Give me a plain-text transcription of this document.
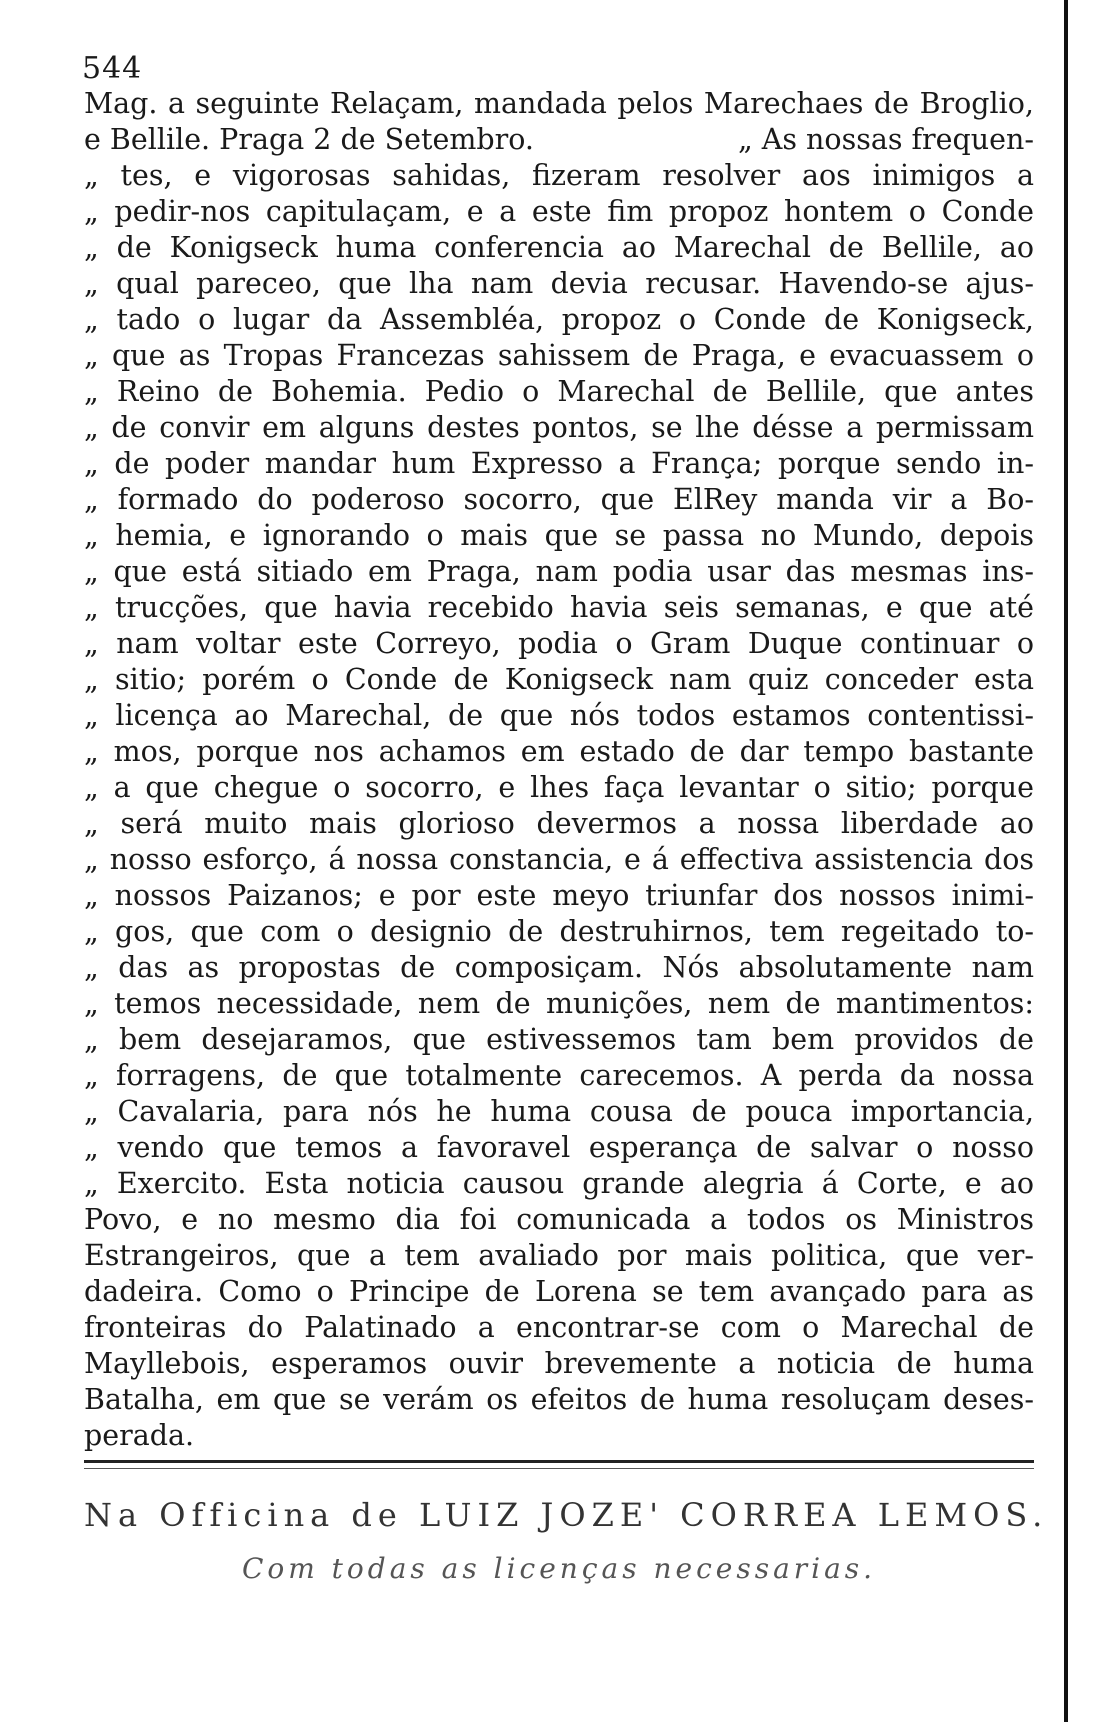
544
Mag. a seguinte Relaçam, mandada pelos Marechaes de Broglio, e Bellile. Praga 2 de Setembro.	„ As nossas frequen-
„ tes, e vigorosas sahidas, fizeram resolver aos inimigos a
„ pedir-nos capitulaçam, e a este fim propoz hontem o Conde
„ de Konigseck huma conferencia ao Marechal de Bellile, ao
„ qual pareceo, que lha nam devia recusar. Havendo-se ajus-
„ tado o lugar da Assembléa, propoz o Conde de Konigseck,
„ que as Tropas Francezas sahissem de Praga, e evacuassem o
„ Reino de Bohemia. Pedio o Marechal de Bellile, que antes
„ de convir em alguns destes pontos, se lhe désse a permissam
„ de poder mandar hum Expresso a França; porque sendo in-
„ formado do poderoso socorro, que ElRey manda vir a Bo-
„ hemia, e ignorando o mais que se passa no Mundo, depois
„ que está sitiado em Praga, nam podia usar das mesmas ins-
„ trucções, que havia recebido havia seis semanas, e que até
„ nam voltar este Correyo, podia o Gram Duque continuar o
„ sitio; porém o Conde de Konigseck nam quiz conceder esta
„ licença ao Marechal, de que nós todos estamos contentissi-
„ mos, porque nos achamos em estado de dar tempo bastante
„ a que chegue o socorro, e lhes faça levantar o sitio; porque
„ será muito mais glorioso devermos a nossa liberdade ao
„ nosso esforço, á nossa constancia, e á effectiva assistencia dos
„ nossos Paizanos; e por este meyo triunfar dos nossos inimi-
„ gos, que com o designio de destruhirnos, tem regeitado to-
„ das as propostas de composiçam. Nós absolutamente nam
„ temos necessidade, nem de munições, nem de mantimentos:
„ bem desejaramos, que estivessemos tam bem providos de
„ forragens, de que totalmente carecemos. A perda da nossa
„ Cavalaria, para nós he huma cousa de pouca importancia,
„ vendo que temos a favoravel esperança de salvar o nosso
„ Exercito. Esta noticia causou grande alegria á Corte, e ao
Povo, e no mesmo dia foi comunicada a todos os Ministros
Estrangeiros, que a tem avaliado por mais politica, que ver-
dadeira. Como o Principe de Lorena se tem avançado para as
fronteiras do Palatinado a encontrar-se com o Marechal de
Mayllebois, esperamos ouvir brevemente a noticia de huma
Batalha, em que se verám os efeitos de huma resoluçam deses-
perada.
Na Officina de LUIZ JOZE' CORREA LEMOS.
Com todas as licenças necessarias.
